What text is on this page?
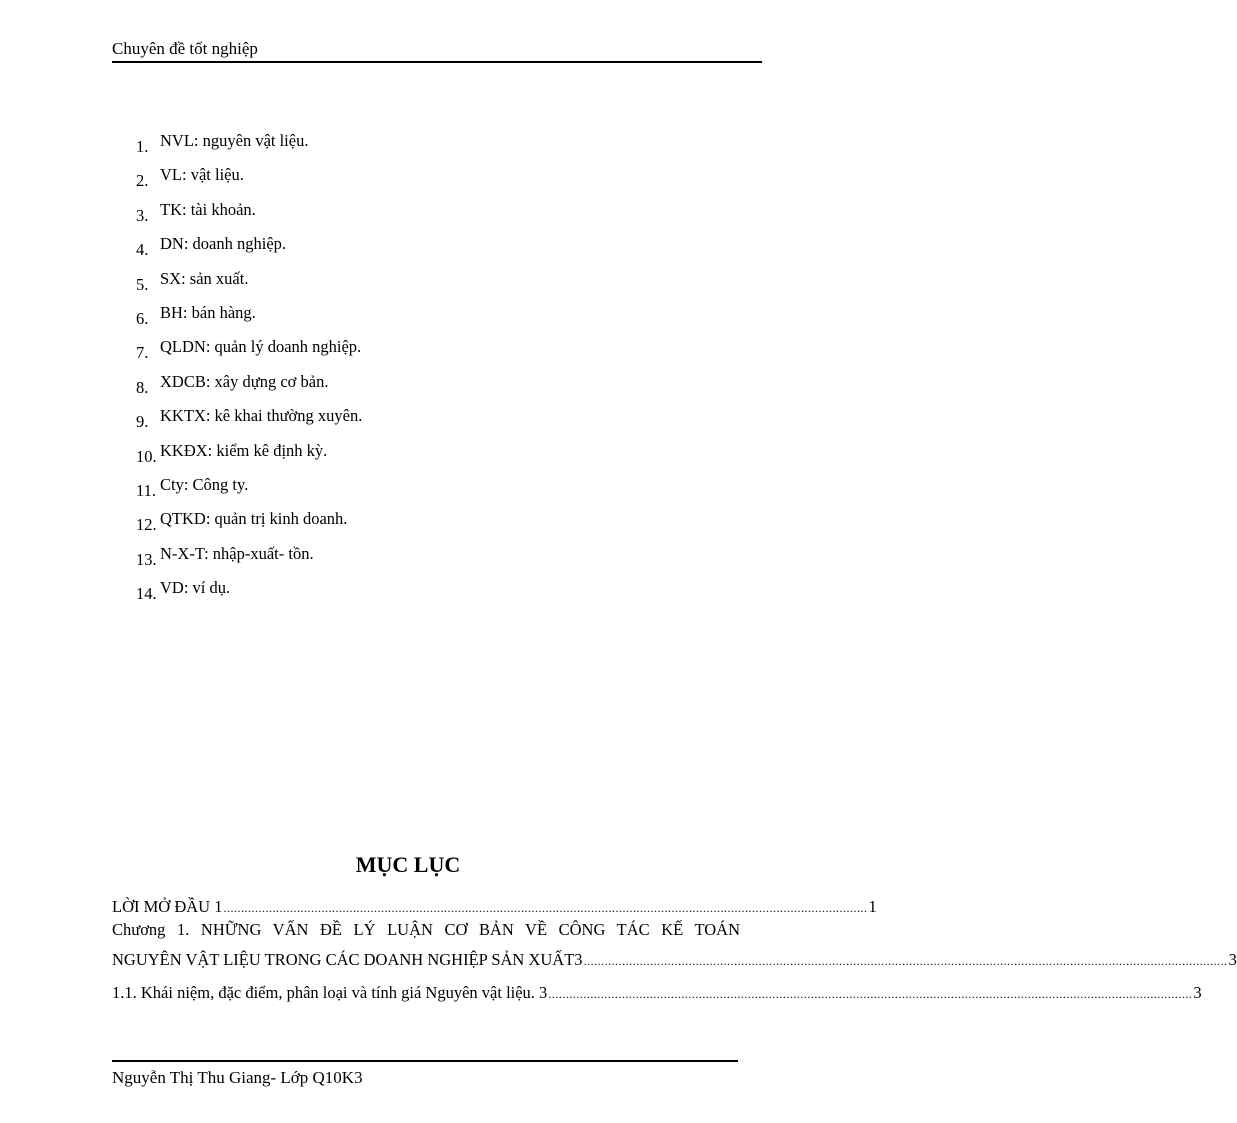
Chuyên đề tốt nghiệp
1. NVL: nguyên vật liệu.
2. VL: vật liệu.
3. TK: tài khoản.
4. DN: doanh nghiệp.
5. SX: sản xuất.
6. BH: bán hàng.
7. QLDN: quản lý doanh nghiệp.
8. XDCB: xây dựng cơ bản.
9. KKTX: kê khai thường xuyên.
10. KKĐX: kiểm kê định kỳ.
11. Cty: Công ty.
12. QTKD: quản trị kinh doanh.
13. N-X-T: nhập-xuất- tồn.
14. VD: ví dụ.
MỤC LỤC
LỜI MỞ ĐẦU 1 ........................................................................................................................................................................................ 1
Chương 1. NHỮNG VẤN ĐỀ LÝ LUẬN CƠ BẢN VỀ CÔNG TÁC KẾ TOÁN
NGUYÊN VẬT LIỆU TRONG CÁC DOANH NGHIỆP SẢN XUẤT3 ........................................................................................................................................................................................ 3
1.1. Khái niệm, đặc điểm, phân loại và tính giá Nguyên vật liệu. 3 ........................................................................................................................................................................................ 3
Nguyễn Thị Thu Giang- Lớp Q10K3
